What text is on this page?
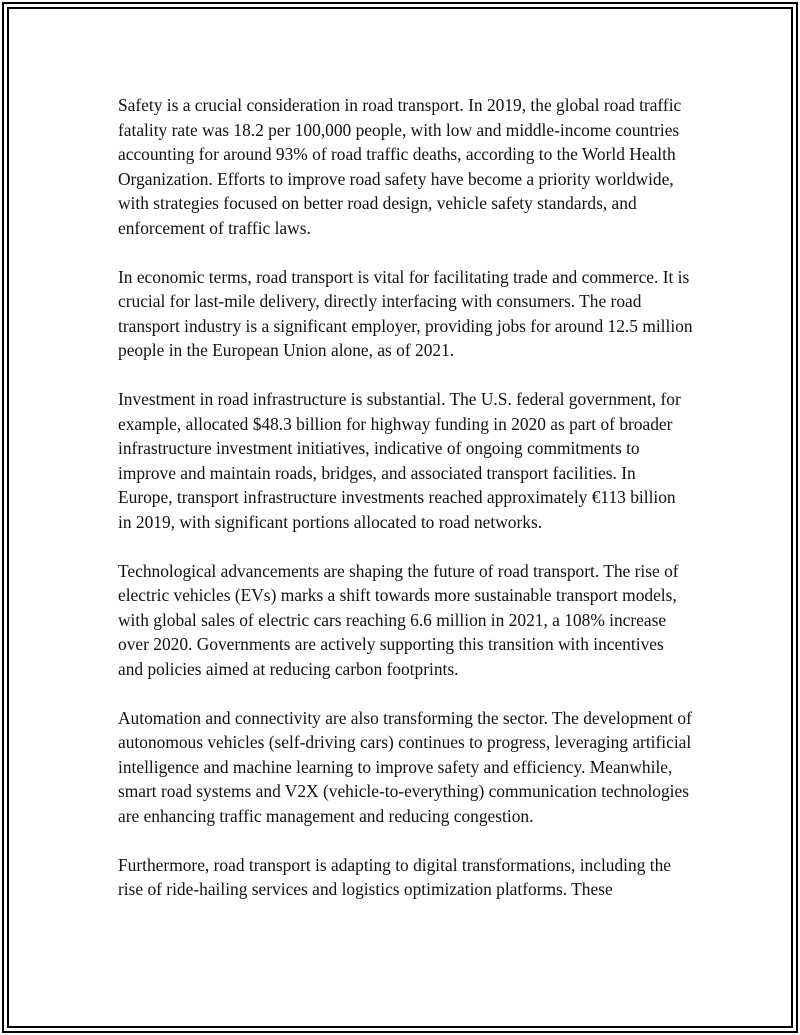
Safety is a crucial consideration in road transport. In 2019, the global road traffic fatality rate was 18.2 per 100,000 people, with low and middle-income countries accounting for around 93% of road traffic deaths, according to the World Health Organization. Efforts to improve road safety have become a priority worldwide, with strategies focused on better road design, vehicle safety standards, and enforcement of traffic laws.

In economic terms, road transport is vital for facilitating trade and commerce. It is crucial for last-mile delivery, directly interfacing with consumers. The road transport industry is a significant employer, providing jobs for around 12.5 million people in the European Union alone, as of 2021.

Investment in road infrastructure is substantial. The U.S. federal government, for example, allocated $48.3 billion for highway funding in 2020 as part of broader infrastructure investment initiatives, indicative of ongoing commitments to improve and maintain roads, bridges, and associated transport facilities. In Europe, transport infrastructure investments reached approximately €113 billion in 2019, with significant portions allocated to road networks.

Technological advancements are shaping the future of road transport. The rise of electric vehicles (EVs) marks a shift towards more sustainable transport models, with global sales of electric cars reaching 6.6 million in 2021, a 108% increase over 2020. Governments are actively supporting this transition with incentives and policies aimed at reducing carbon footprints.

Automation and connectivity are also transforming the sector. The development of autonomous vehicles (self-driving cars) continues to progress, leveraging artificial intelligence and machine learning to improve safety and efficiency. Meanwhile, smart road systems and V2X (vehicle-to-everything) communication technologies are enhancing traffic management and reducing congestion.

Furthermore, road transport is adapting to digital transformations, including the rise of ride-hailing services and logistics optimization platforms. These
